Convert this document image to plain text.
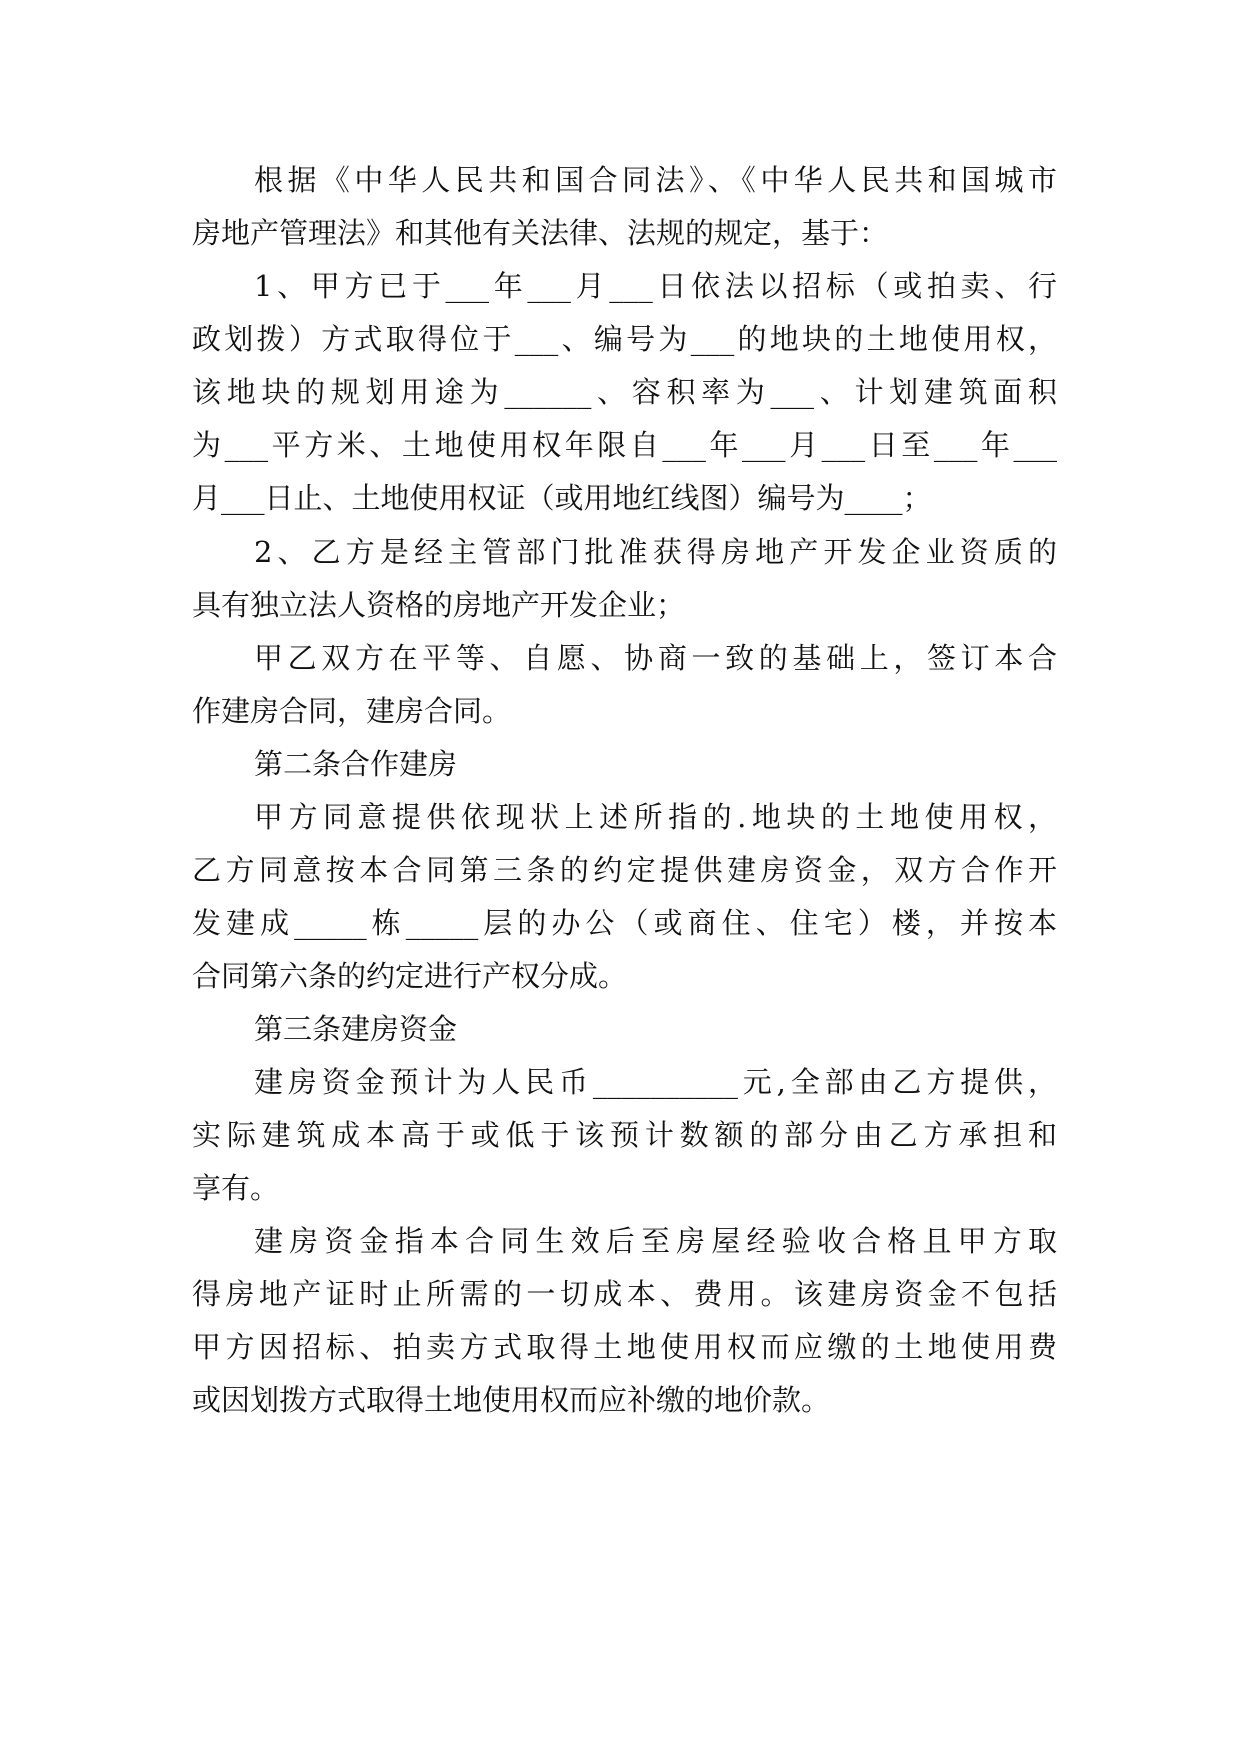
根据《中华人民共和国合同法》、《中华人民共和国城市
房地产管理法》和其他有关法律、法规的规定，基于：
1、甲方已于___年___月___日依法以招标（或拍卖、行
政划拨）方式取得位于___、编号为___的地块的土地使用权，
该地块的规划用途为______、容积率为___、计划建筑面积
为___平方米、土地使用权年限自___年___月___日至___年___
月___日止、土地使用权证（或用地红线图）编号为____；
2、乙方是经主管部门批准获得房地产开发企业资质的
具有独立法人资格的房地产开发企业；
甲乙双方在平等、自愿、协商一致的基础上，签订本合
作建房合同，建房合同。
第二条合作建房
甲方同意提供依现状上述所指的.地块的土地使用权，
乙方同意按本合同第三条的约定提供建房资金，双方合作开
发建成_____栋_____层的办公（或商住、住宅）楼，并按本
合同第六条的约定进行产权分成。
第三条建房资金
建房资金预计为人民币__________元,全部由乙方提供，
实际建筑成本高于或低于该预计数额的部分由乙方承担和
享有。
建房资金指本合同生效后至房屋经验收合格且甲方取
得房地产证时止所需的一切成本、费用。该建房资金不包括
甲方因招标、拍卖方式取得土地使用权而应缴的土地使用费
或因划拨方式取得土地使用权而应补缴的地价款。
